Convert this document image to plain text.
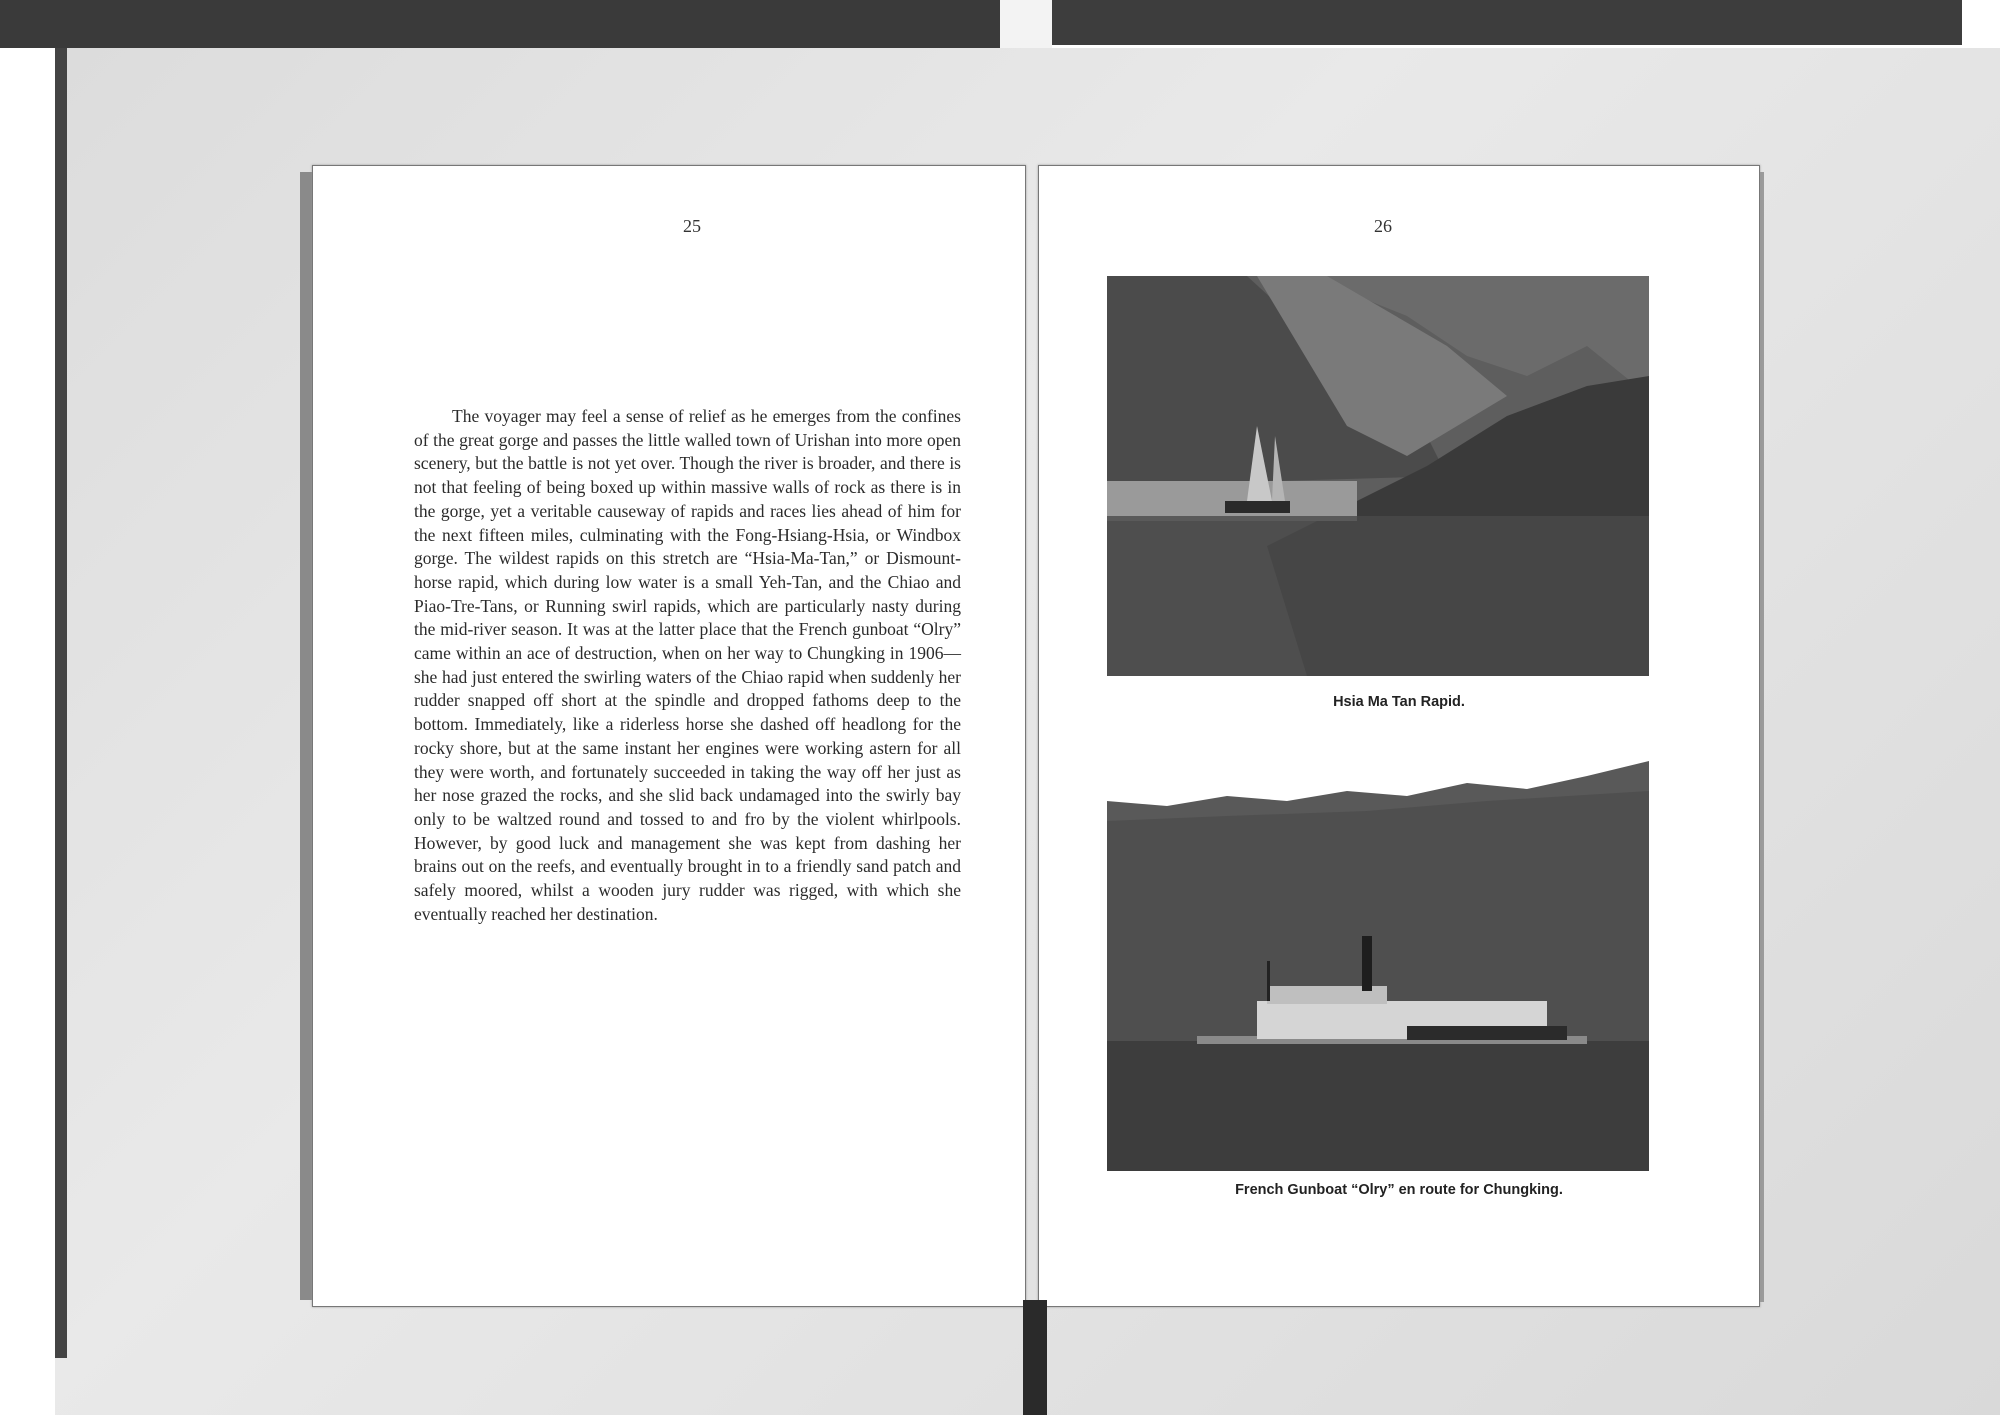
25

The voyager may feel a sense of relief as he emerges from the confines of the great gorge and passes the little walled town of Urishan into more open scenery, but the battle is not yet over. Though the river is broader, and there is not that feeling of being boxed up within massive walls of rock as there is in the gorge, yet a veritable causeway of rapids and races lies ahead of him for the next fifteen miles, culminating with the Fong-Hsiang-Hsia, or Windbox gorge. The wildest rapids on this stretch are “Hsia-Ma-Tan,” or Dismount-horse rapid, which during low water is a small Yeh-Tan, and the Chiao and Piao-Tre-Tans, or Running swirl rapids, which are particularly nasty during the mid-river season. It was at the latter place that the French gunboat “Olry” came within an ace of destruction, when on her way to Chungking in 1906—she had just entered the swirling waters of the Chiao rapid when suddenly her rudder snapped off short at the spindle and dropped fathoms deep to the bottom. Immediately, like a riderless horse she dashed off headlong for the rocky shore, but at the same instant her engines were working astern for all they were worth, and fortunately succeeded in taking the way off her just as her nose grazed the rocks, and she slid back undamaged into the swirly bay only to be waltzed round and tossed to and fro by the violent whirlpools. However, by good luck and management she was kept from dashing her brains out on the reefs, and eventually brought in to a friendly sand patch and safely moored, whilst a wooden jury rudder was rigged, with which she eventually reached her destination.

26
Hsia Ma Tan Rapid.
French Gunboat “Olry” en route for Chungking.
